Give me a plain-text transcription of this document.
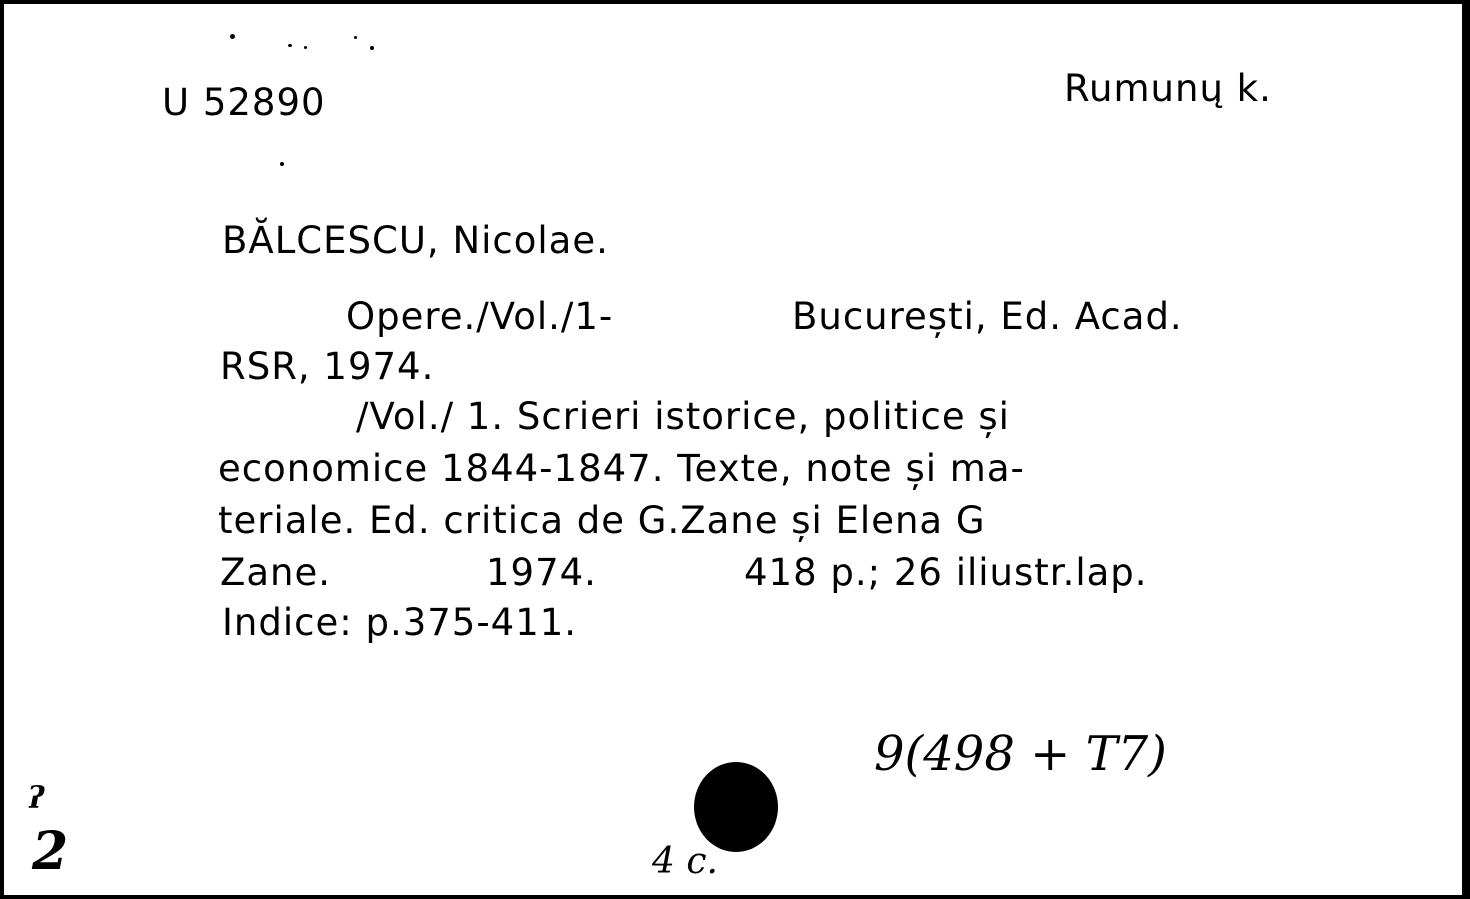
U 52890	Rumunų k.
BĂLCESCU, Nicolae.
Opere./Vol./1-	București, Ed. Acad.
RSR, 1974.
/Vol./ 1. Scrieri istorice, politice și
economice 1844-1847. Texte, note și ma-
teriale. Ed. critica de G.Zane și Elena G
Zane.	1974.	418 p.; 26 iliustr.lap.
Indice: p.375-411.
9(498 + T7)
ʔ
2	4 c.
